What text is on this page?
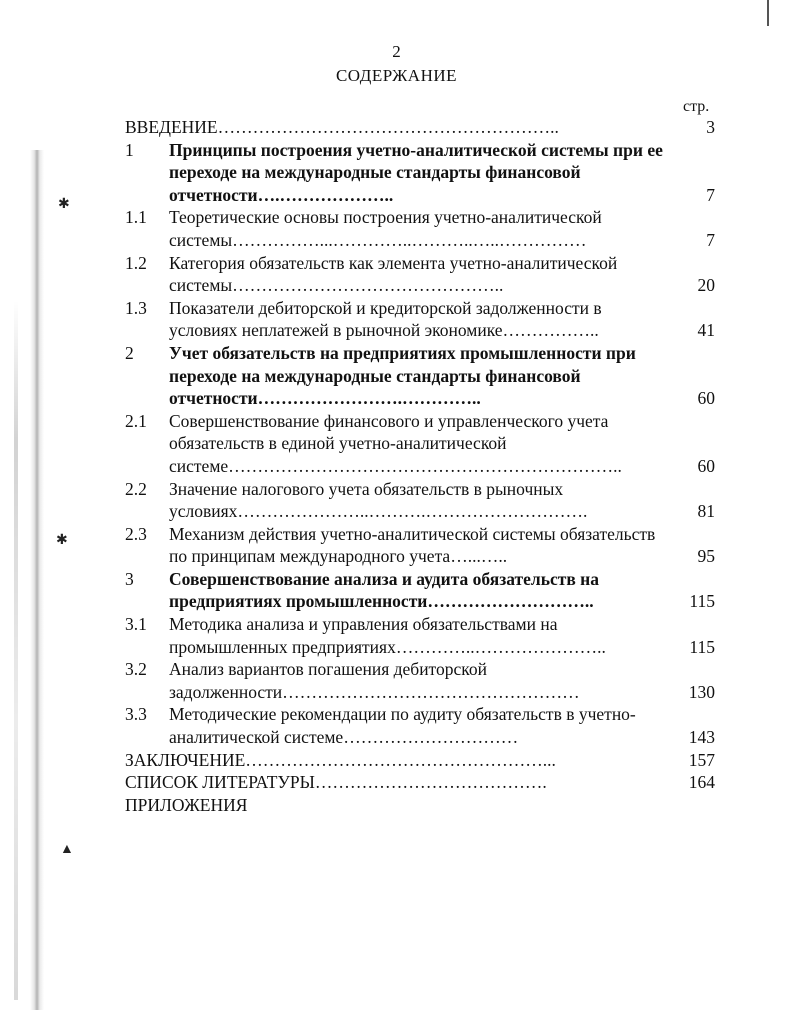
✱
✱
▲
2
СОДЕРЖАНИЕ
стр.
ВВЕДЕНИЕ…………………………………………………..	3
1	Принципы построения учетно-аналитической системы при ее переходе на международные стандарты финансовой отчетности….………………..	7
1.1	Теоретические основы построения учетно-аналитической системы……………...…………..………..…..……………	7
1.2	Категория обязательств как элемента учетно-аналитической системы………………………………………..	20
1.3	Показатели дебиторской и кредиторской задолженности в условиях неплатежей в рыночной экономике……………..	41
2	Учет обязательств на предприятиях промышленности при переходе на международные стандарты финансовой отчетности…………………….…………..	60
2.1	Совершенствование финансового и управленческого учета обязательств в единой учетно-аналитической системе…………………………………………………………..	60
2.2	Значение налогового учета обязательств в рыночных условиях…………………..……….……………………….	81
2.3	Механизм действия учетно-аналитической системы обязательств по принципам международного учета…...…..	95
3	Совершенствование анализа и аудита обязательств на предприятиях промышленности………………………..	115
3.1	Методика анализа и управления обязательствами на промышленных предприятиях…………..…………………..	115
3.2	Анализ вариантов погашения дебиторской задолженности……………………………………………	130
3.3	Методические рекомендации по аудиту обязательств в учетно-аналитической системе…………………………	143
ЗАКЛЮЧЕНИЕ……………………………………………...	157
СПИСОК ЛИТЕРАТУРЫ………………………………….	164
ПРИЛОЖЕНИЯ
